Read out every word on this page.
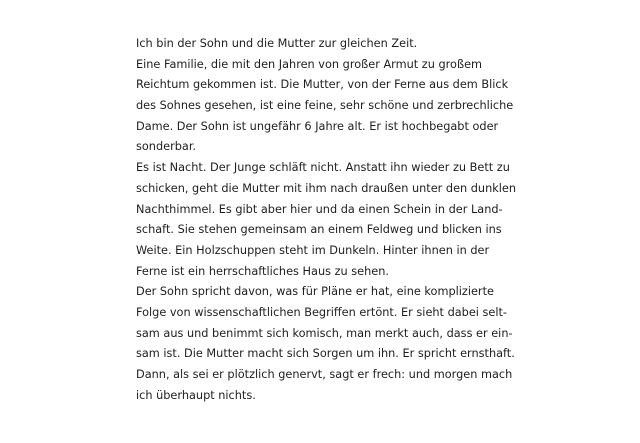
Ich bin der Sohn und die Mutter zur gleichen Zeit.
Eine Familie, die mit den Jahren von großer Armut zu großem
Reichtum gekommen ist. Die Mutter, von der Ferne aus dem Blick
des Sohnes gesehen, ist eine feine, sehr schöne und zerbrechliche
Dame. Der Sohn ist ungefähr 6 Jahre alt. Er ist hochbegabt oder
sonderbar.
Es ist Nacht. Der Junge schläft nicht. Anstatt ihn wieder zu Bett zu
schicken, geht die Mutter mit ihm nach draußen unter den dunklen
Nachthimmel. Es gibt aber hier und da einen Schein in der Land-
schaft. Sie stehen gemeinsam an einem Feldweg und blicken ins
Weite. Ein Holzschuppen steht im Dunkeln. Hinter ihnen in der
Ferne ist ein herrschaftliches Haus zu sehen.
Der Sohn spricht davon, was für Pläne er hat, eine komplizierte
Folge von wissenschaftlichen Begriffen ertönt. Er sieht dabei selt-
sam aus und benimmt sich komisch, man merkt auch, dass er ein-
sam ist. Die Mutter macht sich Sorgen um ihn. Er spricht ernsthaft.
Dann, als sei er plötzlich genervt, sagt er frech: und morgen mach
ich überhaupt nichts.
